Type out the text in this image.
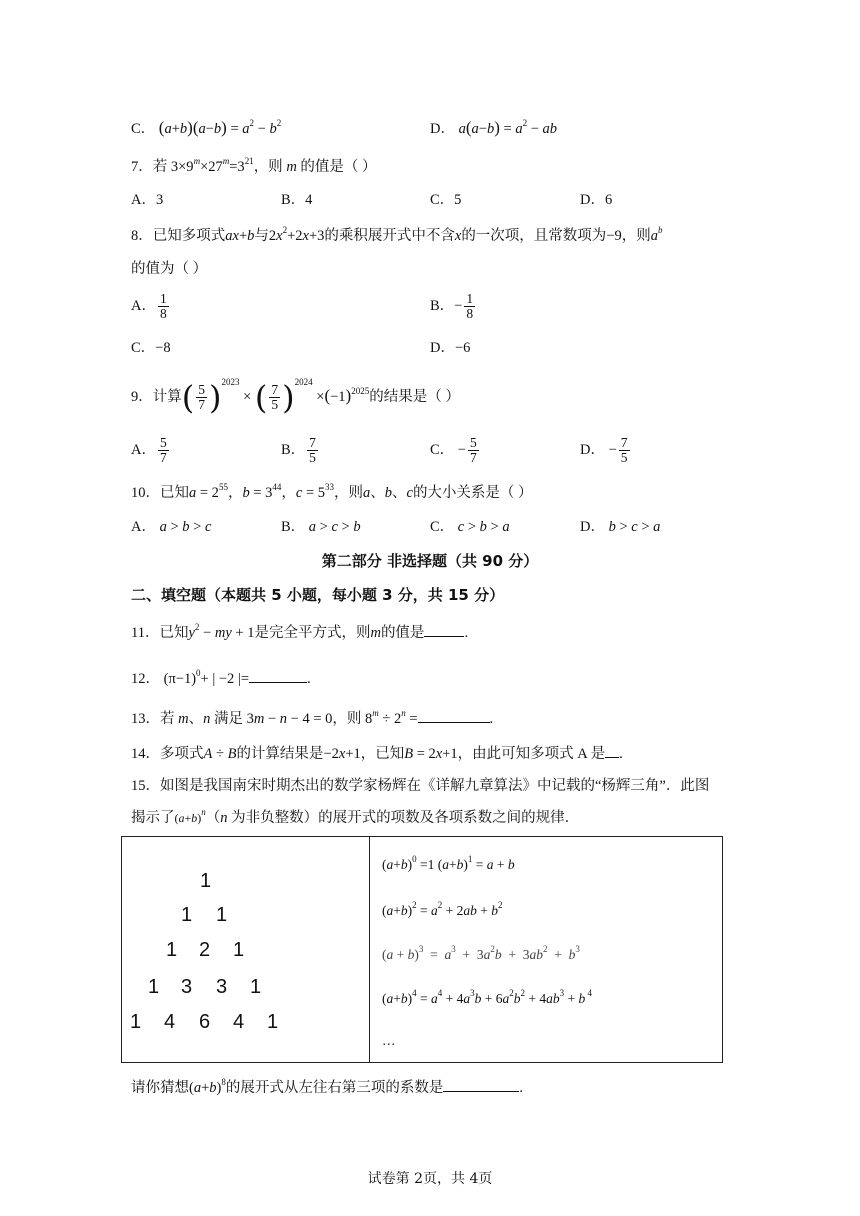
C． $(a+b)(a-b) = a^2 - b^2$	D． $a(a-b) = a^2$ − ab
7．若 $3\times 9^m\times 27^m=3^{21}$，则 m 的值是（ ）
A．3	B．4	C．5	D．6
8．已知多项式ax+b与$2x^2+2x+3$的乘积展开式中不含x的一次项，且常数项为−9，则$a^b$
的值为（ ）
A． $\frac{1}{8}$	B．− $\frac{1}{8}$
C．−8	D．−6
9．计算( $\frac{5}{7} )^{2023}$ × ( $\frac{7}{5} )^{2024} \times(-1)^{2025}$的结果是（ ）
A． $\frac{5}{7}$	B． $\frac{7}{5}$	C． − $\frac{5}{7}$	D． − $\frac{7}{5}$
10．已知$a = 2^{55}$，$b = 3^{44}$，$c = 5^{33}$，则a、b、c的大小关系是（ ）
A． a > b > c	B． a > c > b	C． c > b > a	D． b > c > a
第二部分 非选择题（共 90 分）
二、填空题（本题共 5 小题，每小题 3 分，共 15 分）
11．已知$y^2$ − my + 1是完全平方式，则m的值是	.
12． $(\pi-1)^0+$ | −2 |=	.
13．若 m、n 满足 3m − n − 4 = 0，则 $8^m \div 2^n$ =	.
14．多项式A ÷ B的计算结果是−2x+1，已知B = 2x+1，由此可知多项式 A 是 .
15．如图是我国南宋时期杰出的数学家杨辉在《详解九章算法》中记载的“杨辉三角”．此图
揭示了$(a+b)^n(n$ 为非负整数）的展开式的项数及各项系数之间的规律．
1
1 1
1 2 1
1 3 3 1
1 4 6 4 1

$(a+b)^0 =1$ $(a+b)^1 = a + b$
$(a+b)^2 = a^2 + 2ab + b^2$
$(a + b)^3 = a^3 + 3a^2b + 3ab^2 + b^3$
$(a+b)^4 = a^4 + 4a^3b + 6a^2b^2 + 4ab^3 + b$ $^4$
…
请你猜想$(a+b)^8$的展开式从左往右第三项的系数是	.
试卷第 2页，共 4页
